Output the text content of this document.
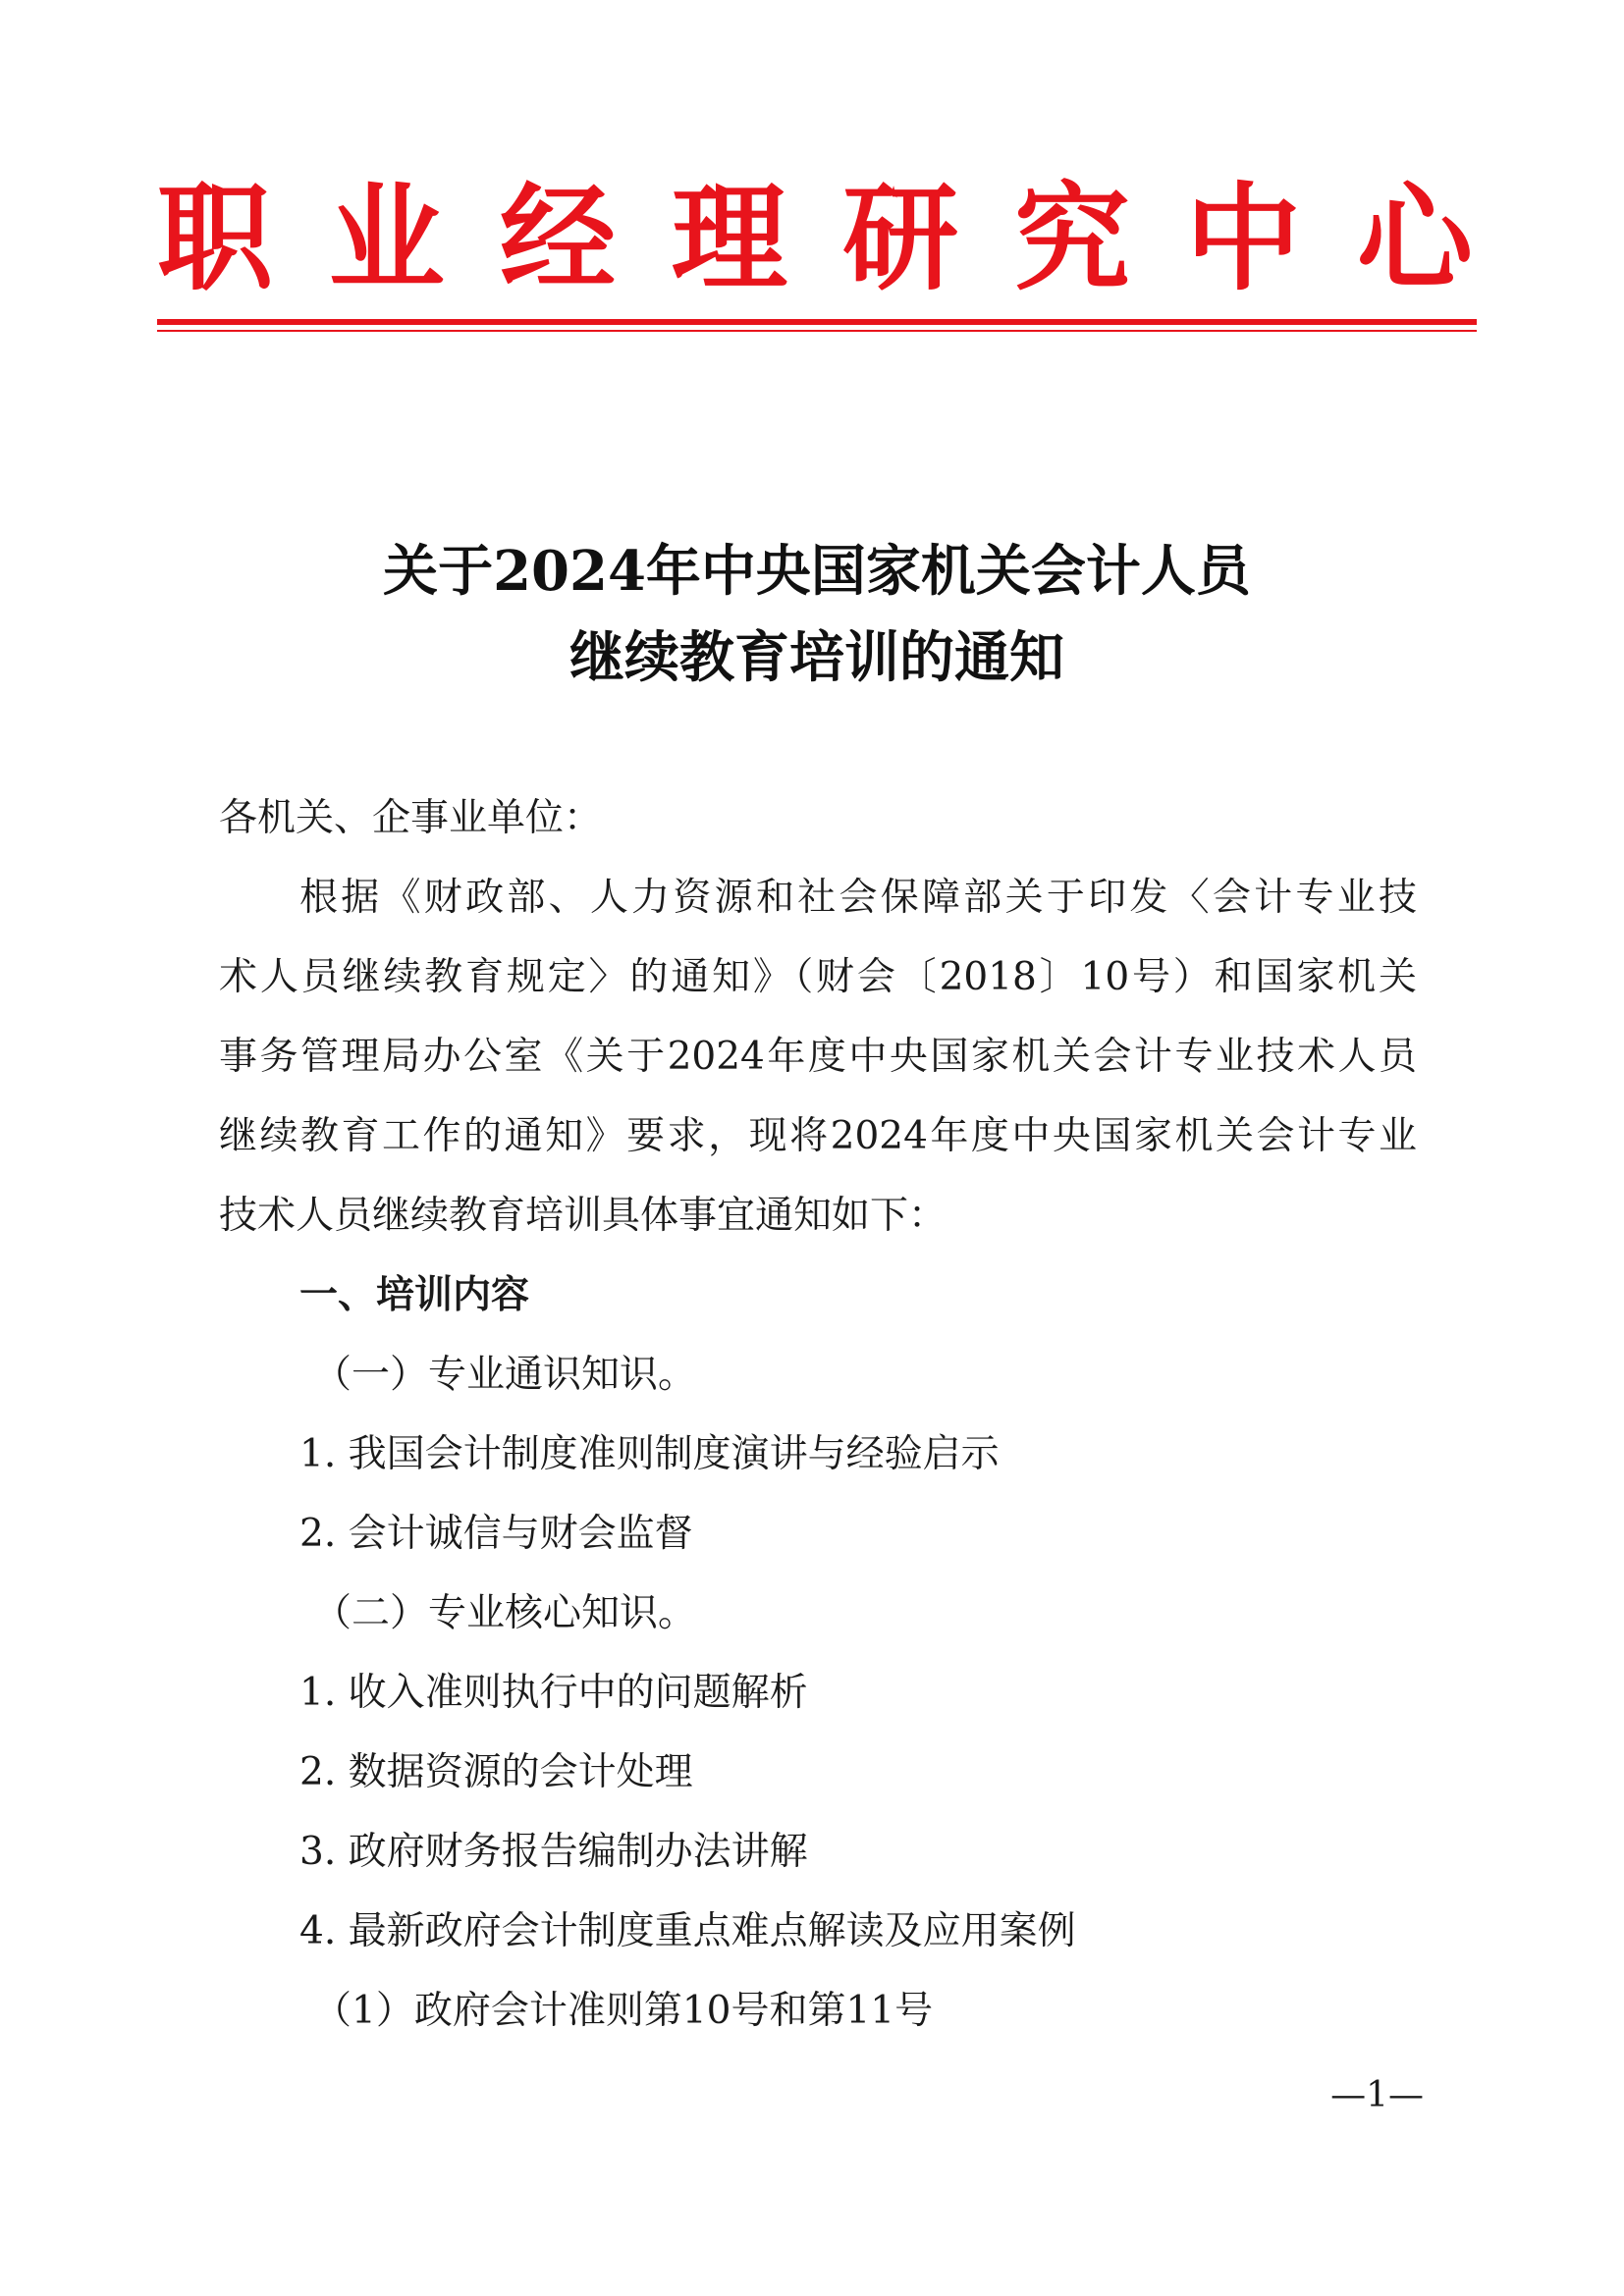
职 业 经 理 研 究 中 心
关于2024年中央国家机关会计人员
继续教育培训的通知
各机关、企事业单位：
根据《财政部、人力资源和社会保障部关于印发〈会计专业技
术人员继续教育规定〉的通知》（财会〔2018〕10号）和国家机关
事务管理局办公室《关于2024年度中央国家机关会计专业技术人员
继续教育工作的通知》要求，现将2024年度中央国家机关会计专业
技术人员继续教育培训具体事宜通知如下：
一、培训内容
（一）专业通识知识。
1. 我国会计制度准则制度演讲与经验启示
2. 会计诚信与财会监督
（二）专业核心知识。
1. 收入准则执行中的问题解析
2. 数据资源的会计处理
3. 政府财务报告编制办法讲解
4. 最新政府会计制度重点难点解读及应用案例
（1）政府会计准则第10号和第11号
—1—
